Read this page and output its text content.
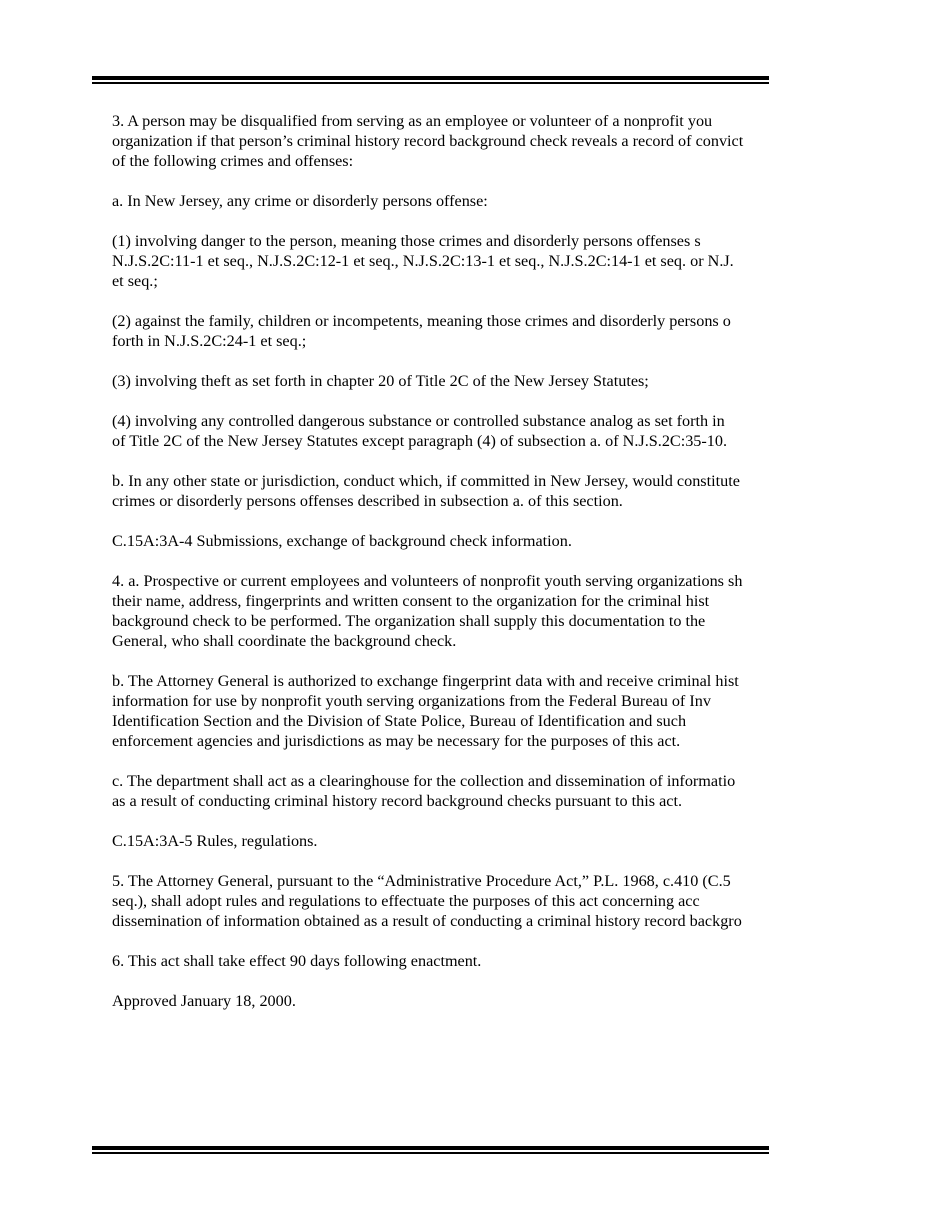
3. A person may be disqualified from serving as an employee or volunteer of a nonprofit you
organization if that person’s criminal history record background check reveals a record of convict
of the following crimes and offenses:
a. In New Jersey, any crime or disorderly persons offense:
(1) involving danger to the person, meaning those crimes and disorderly persons offenses s
N.J.S.2C:11-1 et seq., N.J.S.2C:12-1 et seq., N.J.S.2C:13-1 et seq., N.J.S.2C:14-1 et seq. or N.J.
et seq.;
(2) against the family, children or incompetents, meaning those crimes and disorderly persons o
forth in N.J.S.2C:24-1 et seq.;
(3) involving theft as set forth in chapter 20 of Title 2C of the New Jersey Statutes;
(4) involving any controlled dangerous substance or controlled substance analog as set forth in
of Title 2C of the New Jersey Statutes except paragraph (4) of subsection a. of N.J.S.2C:35-10.
b. In any other state or jurisdiction, conduct which, if committed in New Jersey, would constitute
crimes or disorderly persons offenses described in subsection a. of this section.
C.15A:3A-4 Submissions, exchange of background check information.
4. a. Prospective or current employees and volunteers of nonprofit youth serving organizations sh
their name, address, fingerprints and written consent to the organization for the criminal hist
background check to be performed. The organization shall supply this documentation to the
General, who shall coordinate the background check.
b. The Attorney General is authorized to exchange fingerprint data with and receive criminal hist
information for use by nonprofit youth serving organizations from the Federal Bureau of Inv
Identification Section and the Division of State Police, Bureau of Identification and such
enforcement agencies and jurisdictions as may be necessary for the purposes of this act.
c. The department shall act as a clearinghouse for the collection and dissemination of informatio
as a result of conducting criminal history record background checks pursuant to this act.
C.15A:3A-5 Rules, regulations.
5. The Attorney General, pursuant to the “Administrative Procedure Act,” P.L. 1968, c.410 (C.5
seq.), shall adopt rules and regulations to effectuate the purposes of this act concerning acc
dissemination of information obtained as a result of conducting a criminal history record backgro
6. This act shall take effect 90 days following enactment.
Approved January 18, 2000.
